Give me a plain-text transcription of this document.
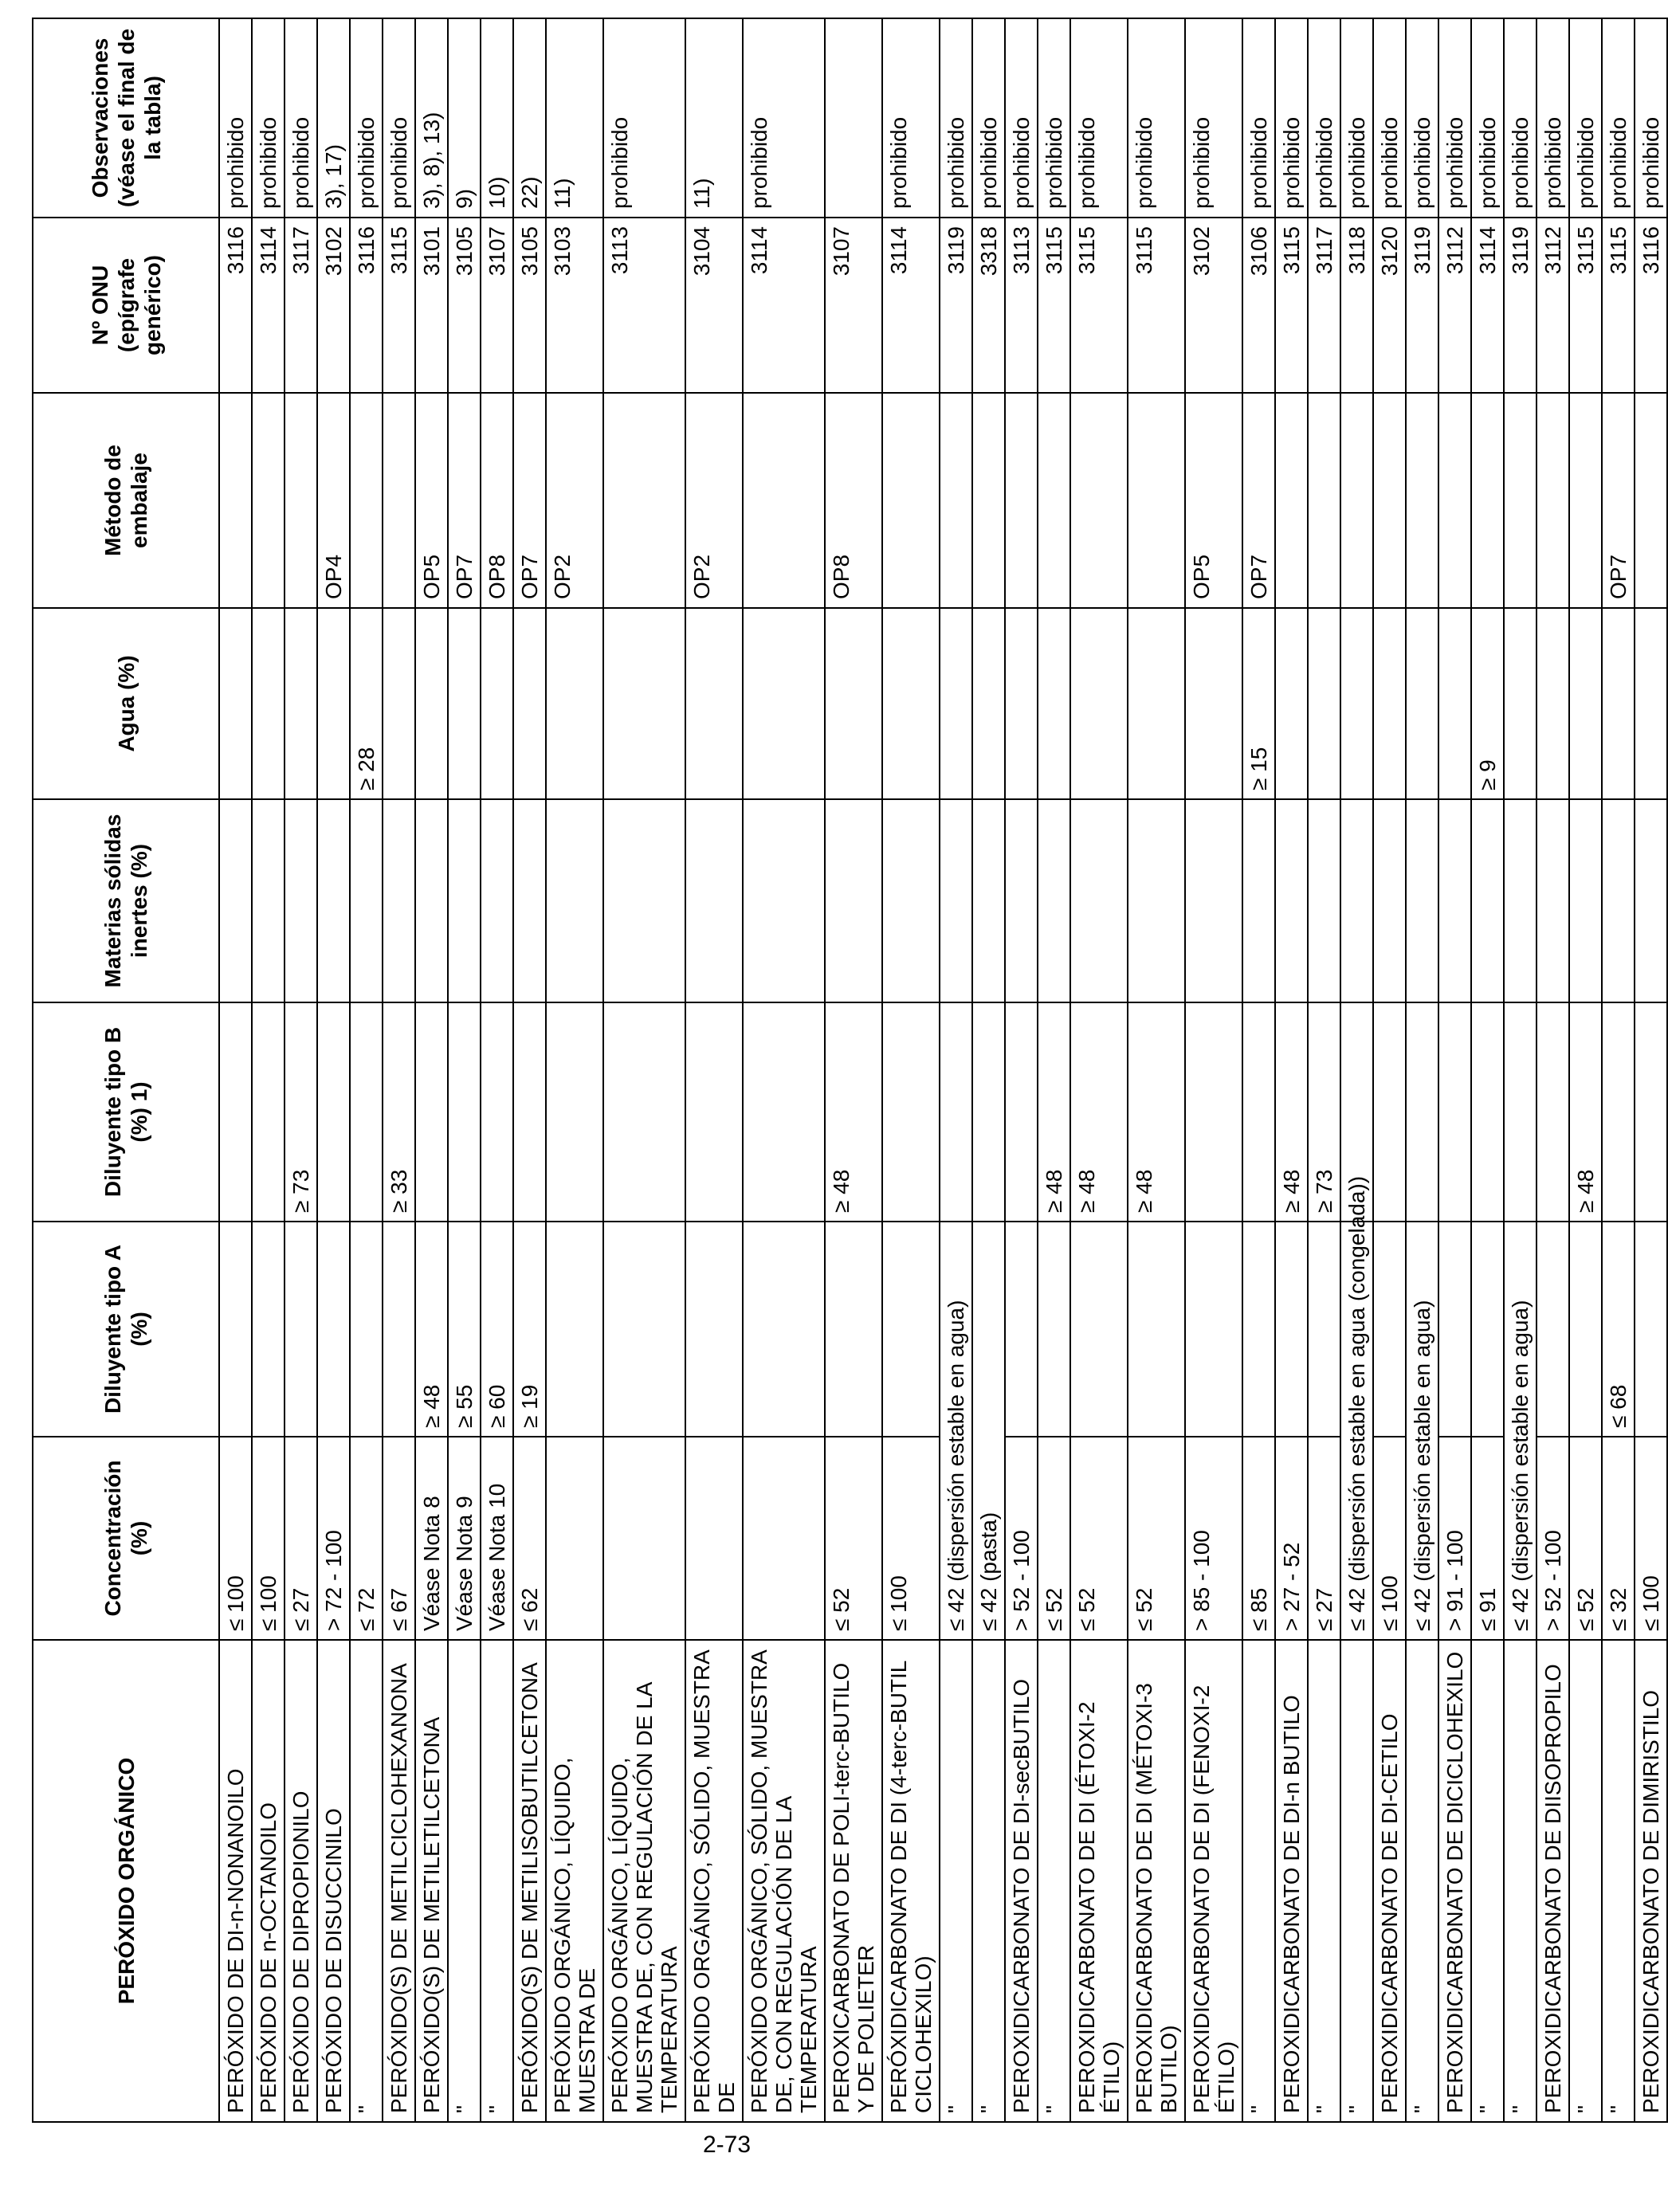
PERÓXIDO ORGÁNICO	Concentración (%)	Diluyente tipo A (%)	Diluyente tipo B (%) 1)	Materias sólidas inertes (%)	Agua (%)	Método de embalaje	Nº ONU (epígrafe genérico)	Observaciones (véase el final de la tabla)
PERÓXIDO DE DI-n-NONANOILO	≤ 100						3116	prohibido
PERÓXIDO DE n-OCTANOILO	≤ 100						3114	prohibido
PERÓXIDO DE DIPROPIONILO	≤ 27		≥ 73				3117	prohibido
PERÓXIDO DE DISUCCINILO	> 72 - 100					OP4	3102	3), 17)
"	≤ 72				≥ 28		3116	prohibido
PERÓXIDO(S) DE METILCICLOHEXANONA	≤ 67		≥ 33				3115	prohibido
PERÓXIDO(S) DE METILETILCETONA	Véase Nota 8	≥ 48				OP5	3101	3), 8), 13)
"	Véase Nota 9	≥ 55				OP7	3105	9)
"	Véase Nota 10	≥ 60				OP8	3107	10)
PERÓXIDO(S) DE METILISOBUTILCETONA	≤ 62	≥ 19				OP7	3105	22)
PERÓXIDO ORGÁNICO, LÍQUIDO, MUESTRA DE						OP2	3103	11)
PERÓXIDO ORGÁNICO, LÍQUIDO, MUESTRA DE, CON REGULACIÓN DE LA TEMPERATURA							3113	prohibido
PERÓXIDO ORGÁNICO, SÓLIDO, MUESTRA DE						OP2	3104	11)
PERÓXIDO ORGÁNICO, SÓLIDO, MUESTRA DE, CON REGULACIÓN DE LA TEMPERATURA							3114	prohibido
PEROXICARBONATO DE POLI-terc-BUTILO Y DE POLIETER	≤ 52		≥ 48			OP8	3107	
PERÓXIDICARBONATO DE DI (4-terc-BUTIL CICLOHEXILO)	≤ 100						3114	prohibido
"	≤ 42 (dispersión estable en agua)						3119	prohibido
"	≤ 42 (pasta)						3318	prohibido
PEROXIDICARBONATO DE DI-secBUTILO	> 52 - 100						3113	prohibido
"	≤ 52		≥ 48				3115	prohibido
PEROXIDICARBONATO DE DI (ÉTOXI-2 ÉTILO)	≤ 52		≥ 48				3115	prohibido
PEROXIDICARBONATO DE DI (MÉTOXI-3 BUTILO)	≤ 52		≥ 48				3115	prohibido
PEROXIDICARBONATO DE DI (FENOXI-2 ÉTILO)	> 85 - 100					OP5	3102	prohibido
"	≤ 85				≥ 15	OP7	3106	prohibido
PEROXIDICARBONATO DE DI-n BUTILO	> 27 - 52		≥ 48				3115	prohibido
"	≤ 27		≥ 73				3117	prohibido
"	≤ 42 (dispersión estable en agua (congelada))						3118	prohibido
PEROXIDICARBONATO DE DI-CETILO	≤ 100						3120	prohibido
"	≤ 42 (dispersión estable en agua)						3119	prohibido
PEROXIDICARBONATO DE DICICLOHEXILO	> 91 - 100						3112	prohibido
"	≤ 91				≥ 9		3114	prohibido
"	≤ 42 (dispersión estable en agua)						3119	prohibido
PEROXIDICARBONATO DE DIISOPROPILO	> 52 - 100						3112	prohibido
"	≤ 52		≥ 48				3115	prohibido
"	≤ 32	≤ 68				OP7	3115	prohibido
PEROXIDICARBONATO DE DIMIRISTILO	≤ 100						3116	prohibido
2-73
